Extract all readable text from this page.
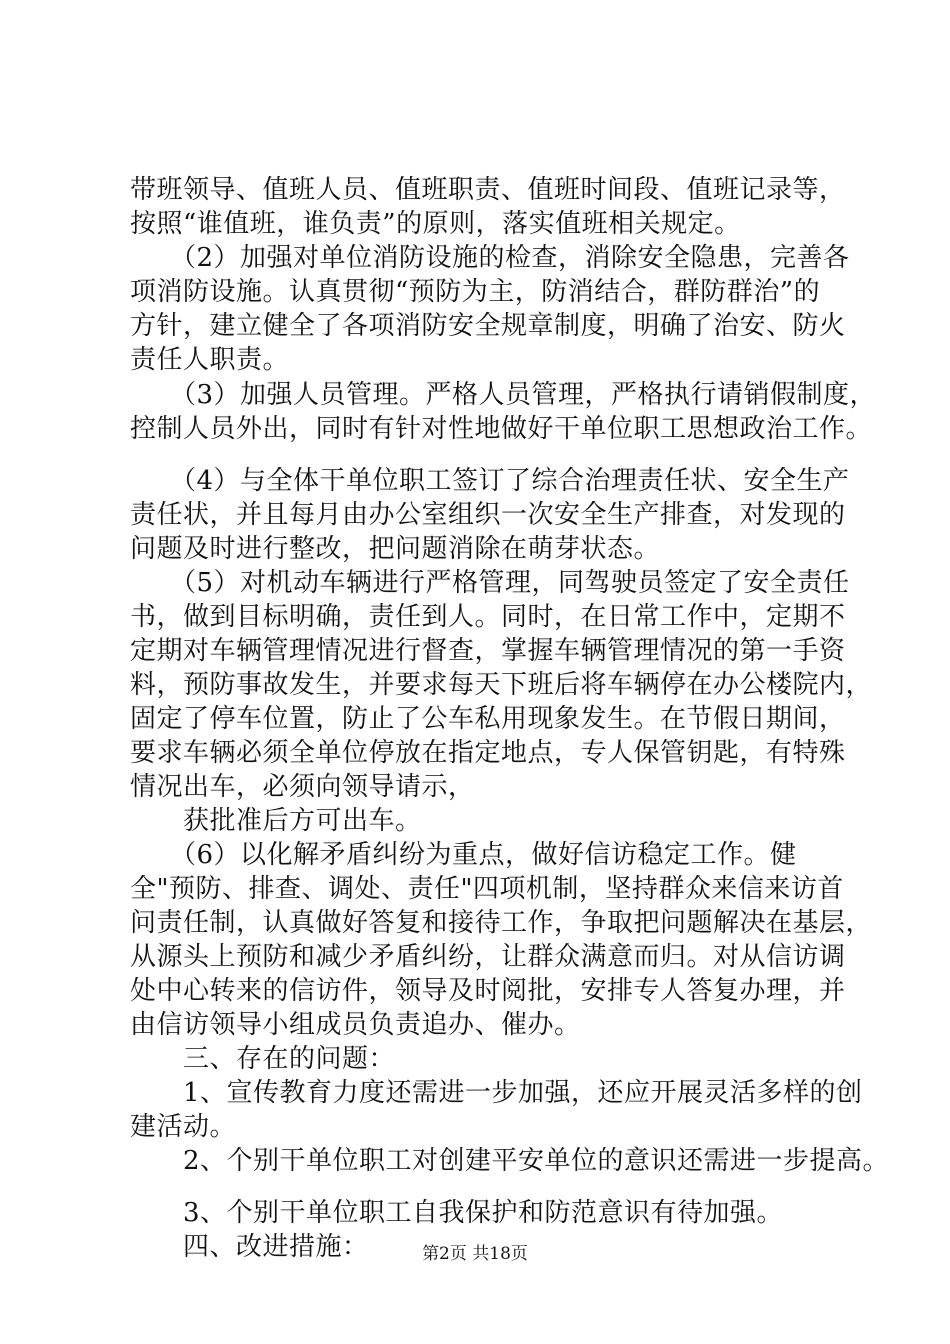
带班领导、值班人员、值班职责、值班时间段、值班记录等，
按照“谁值班，谁负责”的原则，落实值班相关规定。
　　（2）加强对单位消防设施的检查，消除安全隐患，完善各
项消防设施。认真贯彻“预防为主，防消结合，群防群治”的
方针，建立健全了各项消防安全规章制度，明确了治安、防火
责任人职责。
　　（3）加强人员管理。严格人员管理，严格执行请销假制度，
控制人员外出，同时有针对性地做好干单位职工思想政治工作。
　　（4）与全体干单位职工签订了综合治理责任状、安全生产
责任状，并且每月由办公室组织一次安全生产排查，对发现的
问题及时进行整改，把问题消除在萌芽状态。
　　（5）对机动车辆进行严格管理，同驾驶员签定了安全责任
书，做到目标明确，责任到人。同时，在日常工作中，定期不
定期对车辆管理情况进行督查，掌握车辆管理情况的第一手资
料，预防事故发生，并要求每天下班后将车辆停在办公楼院内，
固定了停车位置，防止了公车私用现象发生。在节假日期间，
要求车辆必须全单位停放在指定地点，专人保管钥匙，有特殊
情况出车，必须向领导请示，
　　获批准后方可出车。
　　（6）以化解矛盾纠纷为重点，做好信访稳定工作。健
全"预防、排查、调处、责任"四项机制，坚持群众来信来访首
问责任制，认真做好答复和接待工作，争取把问题解决在基层，
从源头上预防和减少矛盾纠纷，让群众满意而归。对从信访调
处中心转来的信访件，领导及时阅批，安排专人答复办理，并
由信访领导小组成员负责追办、催办。
　　三、存在的问题：
　　1、宣传教育力度还需进一步加强，还应开展灵活多样的创
建活动。
　　2、个别干单位职工对创建平安单位的意识还需进一步提高。
　　3、个别干单位职工自我保护和防范意识有待加强。
　　四、改进措施：	第2页 共18页
